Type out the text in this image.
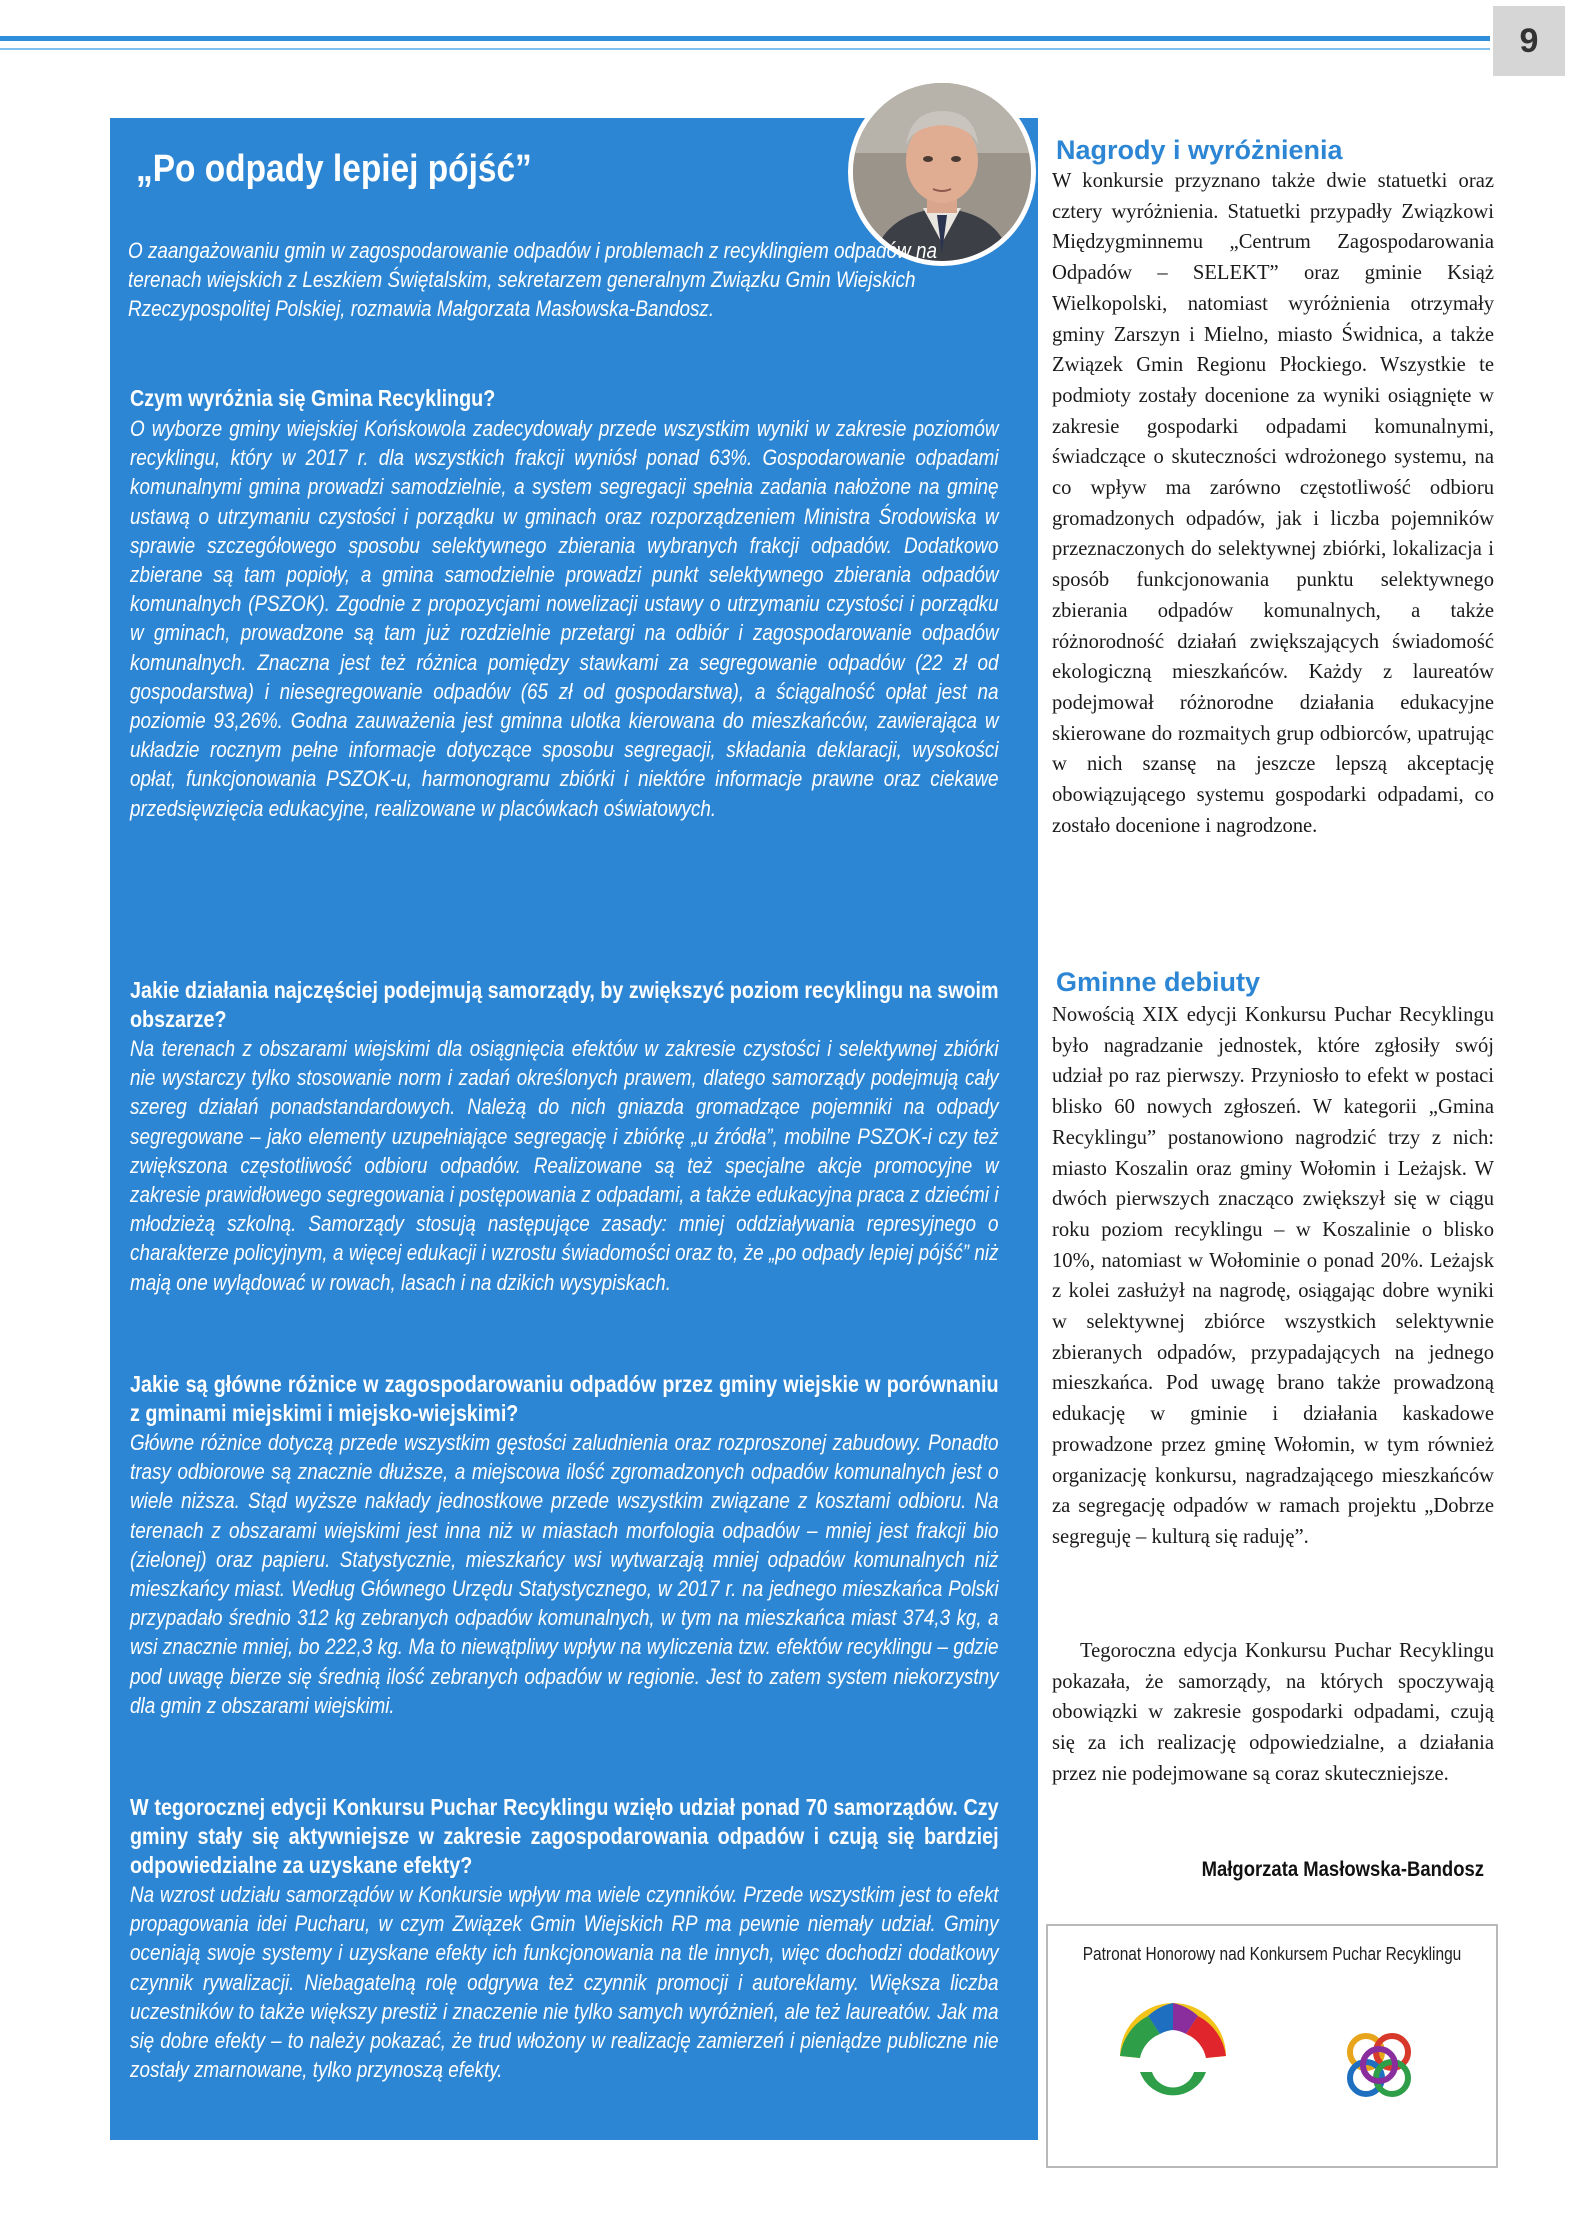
9
„Po odpady lepiej pójść”

O zaangażowaniu gmin w zagospodarowanie odpadów i problemach z recyklingiem odpadów na terenach wiejskich z Leszkiem Świętalskim, sekretarzem generalnym Związku Gmin Wiejskich Rzeczypospolitej Polskiej, rozmawia Małgorzata Masłowska-Bandosz.

Czym wyróżnia się Gmina Recyklingu?

O wyborze gminy wiejskiej Końskowola zadecydowały przede wszystkim wyniki w zakresie poziomów recyklingu, który w 2017 r. dla wszystkich frakcji wyniósł ponad 63%. Gospodarowanie odpadami komunalnymi gmina prowadzi samodzielnie, a system segregacji spełnia zadania nałożone na gminę ustawą o utrzymaniu czystości i porządku w gminach oraz rozporządzeniem Ministra Środowiska w sprawie szczegółowego sposobu selektywnego zbierania wybranych frakcji odpadów. Dodatkowo zbierane są tam popioły, a gmina samodzielnie prowadzi punkt selektywnego zbierania odpadów komunalnych (PSZOK). Zgodnie z propozycjami nowelizacji ustawy o utrzymaniu czystości i porządku w gminach, prowadzone są tam już rozdzielnie przetargi na odbiór i zagospodarowanie odpadów komunalnych. Znaczna jest też różnica pomiędzy stawkami za segregowanie odpadów (22 zł od gospodarstwa) i niesegregowanie odpadów (65 zł od gospodarstwa), a ściągalność opłat jest na poziomie 93,26%. Godna zauważenia jest gminna ulotka kierowana do mieszkańców, zawierająca w układzie rocznym pełne informacje dotyczące sposobu segregacji, składania deklaracji, wysokości opłat, funkcjonowania PSZOK-u, harmonogramu zbiórki i niektóre informacje prawne oraz ciekawe przedsięwzięcia edukacyjne, realizowane w placówkach oświatowych.

Jakie działania najczęściej podejmują samorządy, by zwiększyć poziom recyklingu na swoim obszarze?

Na terenach z obszarami wiejskimi dla osiągnięcia efektów w zakresie czystości i selektywnej zbiórki nie wystarczy tylko stosowanie norm i zadań określonych prawem, dlatego samorządy podejmują cały szereg działań ponadstandardowych. Należą do nich gniazda gromadzące pojemniki na odpady segregowane – jako elementy uzupełniające segregację i zbiórkę „u źródła”, mobilne PSZOK-i czy też zwiększona częstotliwość odbioru odpadów. Realizowane są też specjalne akcje promocyjne w zakresie prawidłowego segregowania i postępowania z odpadami, a także edukacyjna praca z dziećmi i młodzieżą szkolną. Samorządy stosują następujące zasady: mniej oddziaływania represyjnego o charakterze policyjnym, a więcej edukacji i wzrostu świadomości oraz to, że „po odpady lepiej pójść” niż mają one wylądować w rowach, lasach i na dzikich wysypiskach.

Jakie są główne różnice w zagospodarowaniu odpadów przez gminy wiejskie w porównaniu z gminami miejskimi i miejsko-wiejskimi?

Główne różnice dotyczą przede wszystkim gęstości zaludnienia oraz rozproszonej zabudowy. Ponadto trasy odbiorowe są znacznie dłuższe, a miejscowa ilość zgromadzonych odpadów komunalnych jest o wiele niższa. Stąd wyższe nakłady jednostkowe przede wszystkim związane z kosztami odbioru. Na terenach z obszarami wiejskimi jest inna niż w miastach morfologia odpadów – mniej jest frakcji bio (zielonej) oraz papieru. Statystycznie, mieszkańcy wsi wytwarzają mniej odpadów komunalnych niż mieszkańcy miast. Według Głównego Urzędu Statystycznego, w 2017 r. na jednego mieszkańca Polski przypadało średnio 312 kg zebranych odpadów komunalnych, w tym na mieszkańca miast 374,3 kg, a wsi znacznie mniej, bo 222,3 kg. Ma to niewątpliwy wpływ na wyliczenia tzw. efektów recyklingu – gdzie pod uwagę bierze się średnią ilość zebranych odpadów w regionie. Jest to zatem system niekorzystny dla gmin z obszarami wiejskimi.

W tegorocznej edycji Konkursu Puchar Recyklingu wzięło udział ponad 70 samorządów. Czy gminy stały się aktywniejsze w zakresie zagospodarowania odpadów i czują się bardziej odpowiedzialne za uzyskane efekty?

Na wzrost udziału samorządów w Konkursie wpływ ma wiele czynników. Przede wszystkim jest to efekt propagowania idei Pucharu, w czym Związek Gmin Wiejskich RP ma pewnie niemały udział. Gminy oceniają swoje systemy i uzyskane efekty ich funkcjonowania na tle innych, więc dochodzi dodatkowy czynnik rywalizacji. Niebagatelną rolę odgrywa też czynnik promocji i autoreklamy. Większa liczba uczestników to także większy prestiż i znaczenie nie tylko samych wyróżnień, ale też laureatów. Jak ma się dobre efekty – to należy pokazać, że trud włożony w realizację zamierzeń i pieniądze publiczne nie zostały zmarnowane, tylko przynoszą efekty.

Nagrody i wyróżnienia

W konkursie przyznano także dwie statuetki oraz cztery wyróżnienia. Statuetki przypadły Związkowi Międzygminnemu „Centrum Zagospodarowania Odpadów – SELEKT” oraz gminie Książ Wielkopolski, natomiast wyróżnienia otrzymały gminy Zarszyn i Mielno, miasto Świdnica, a także Związek Gmin Regionu Płockiego. Wszystkie te podmioty zostały docenione za wyniki osiągnięte w zakresie gospodarki odpadami komunalnymi, świadczące o skuteczności wdrożonego systemu, na co wpływ ma zarówno częstotliwość odbioru gromadzonych odpadów, jak i liczba pojemników przeznaczonych do selektywnej zbiórki, lokalizacja i sposób funkcjonowania punktu selektywnego zbierania odpadów komunalnych, a także różnorodność działań zwiększających świadomość ekologiczną mieszkańców. Każdy z laureatów podejmował różnorodne działania edukacyjne skierowane do rozmaitych grup odbiorców, upatrując w nich szansę na jeszcze lepszą akceptację obowiązującego systemu gospodarki odpadami, co zostało docenione i nagrodzone.

Gminne debiuty

Nowością XIX edycji Konkursu Puchar Recyklingu było nagradzanie jednostek, które zgłosiły swój udział po raz pierwszy. Przyniosło to efekt w postaci blisko 60 nowych zgłoszeń. W kategorii „Gmina Recyklingu” postanowiono nagrodzić trzy z nich: miasto Koszalin oraz gminy Wołomin i Leżajsk. W dwóch pierwszych znacząco zwiększył się w ciągu roku poziom recyklingu – w Koszalinie o blisko 10%, natomiast w Wołominie o ponad 20%. Leżajsk z kolei zasłużył na nagrodę, osiągając dobre wyniki w selektywnej zbiórce wszystkich selektywnie zbieranych odpadów, przypadających na jednego mieszkańca. Pod uwagę brano także prowadzoną edukację w gminie i działania kaskadowe prowadzone przez gminę Wołomin, w tym również organizację konkursu, nagradzającego mieszkańców za segregację odpadów w ramach projektu „Dobrze segreguję – kulturą się raduję”.

Tegoroczna edycja Konkursu Puchar Recyklingu pokazała, że samorządy, na których spoczywają obowiązki w zakresie gospodarki odpadami, czują się za ich realizację odpowiedzialne, a działania przez nie podejmowane są coraz skuteczniejsze.

Małgorzata Masłowska-Bandosz

Patronat Honorowy nad Konkursem Puchar Recyklingu
